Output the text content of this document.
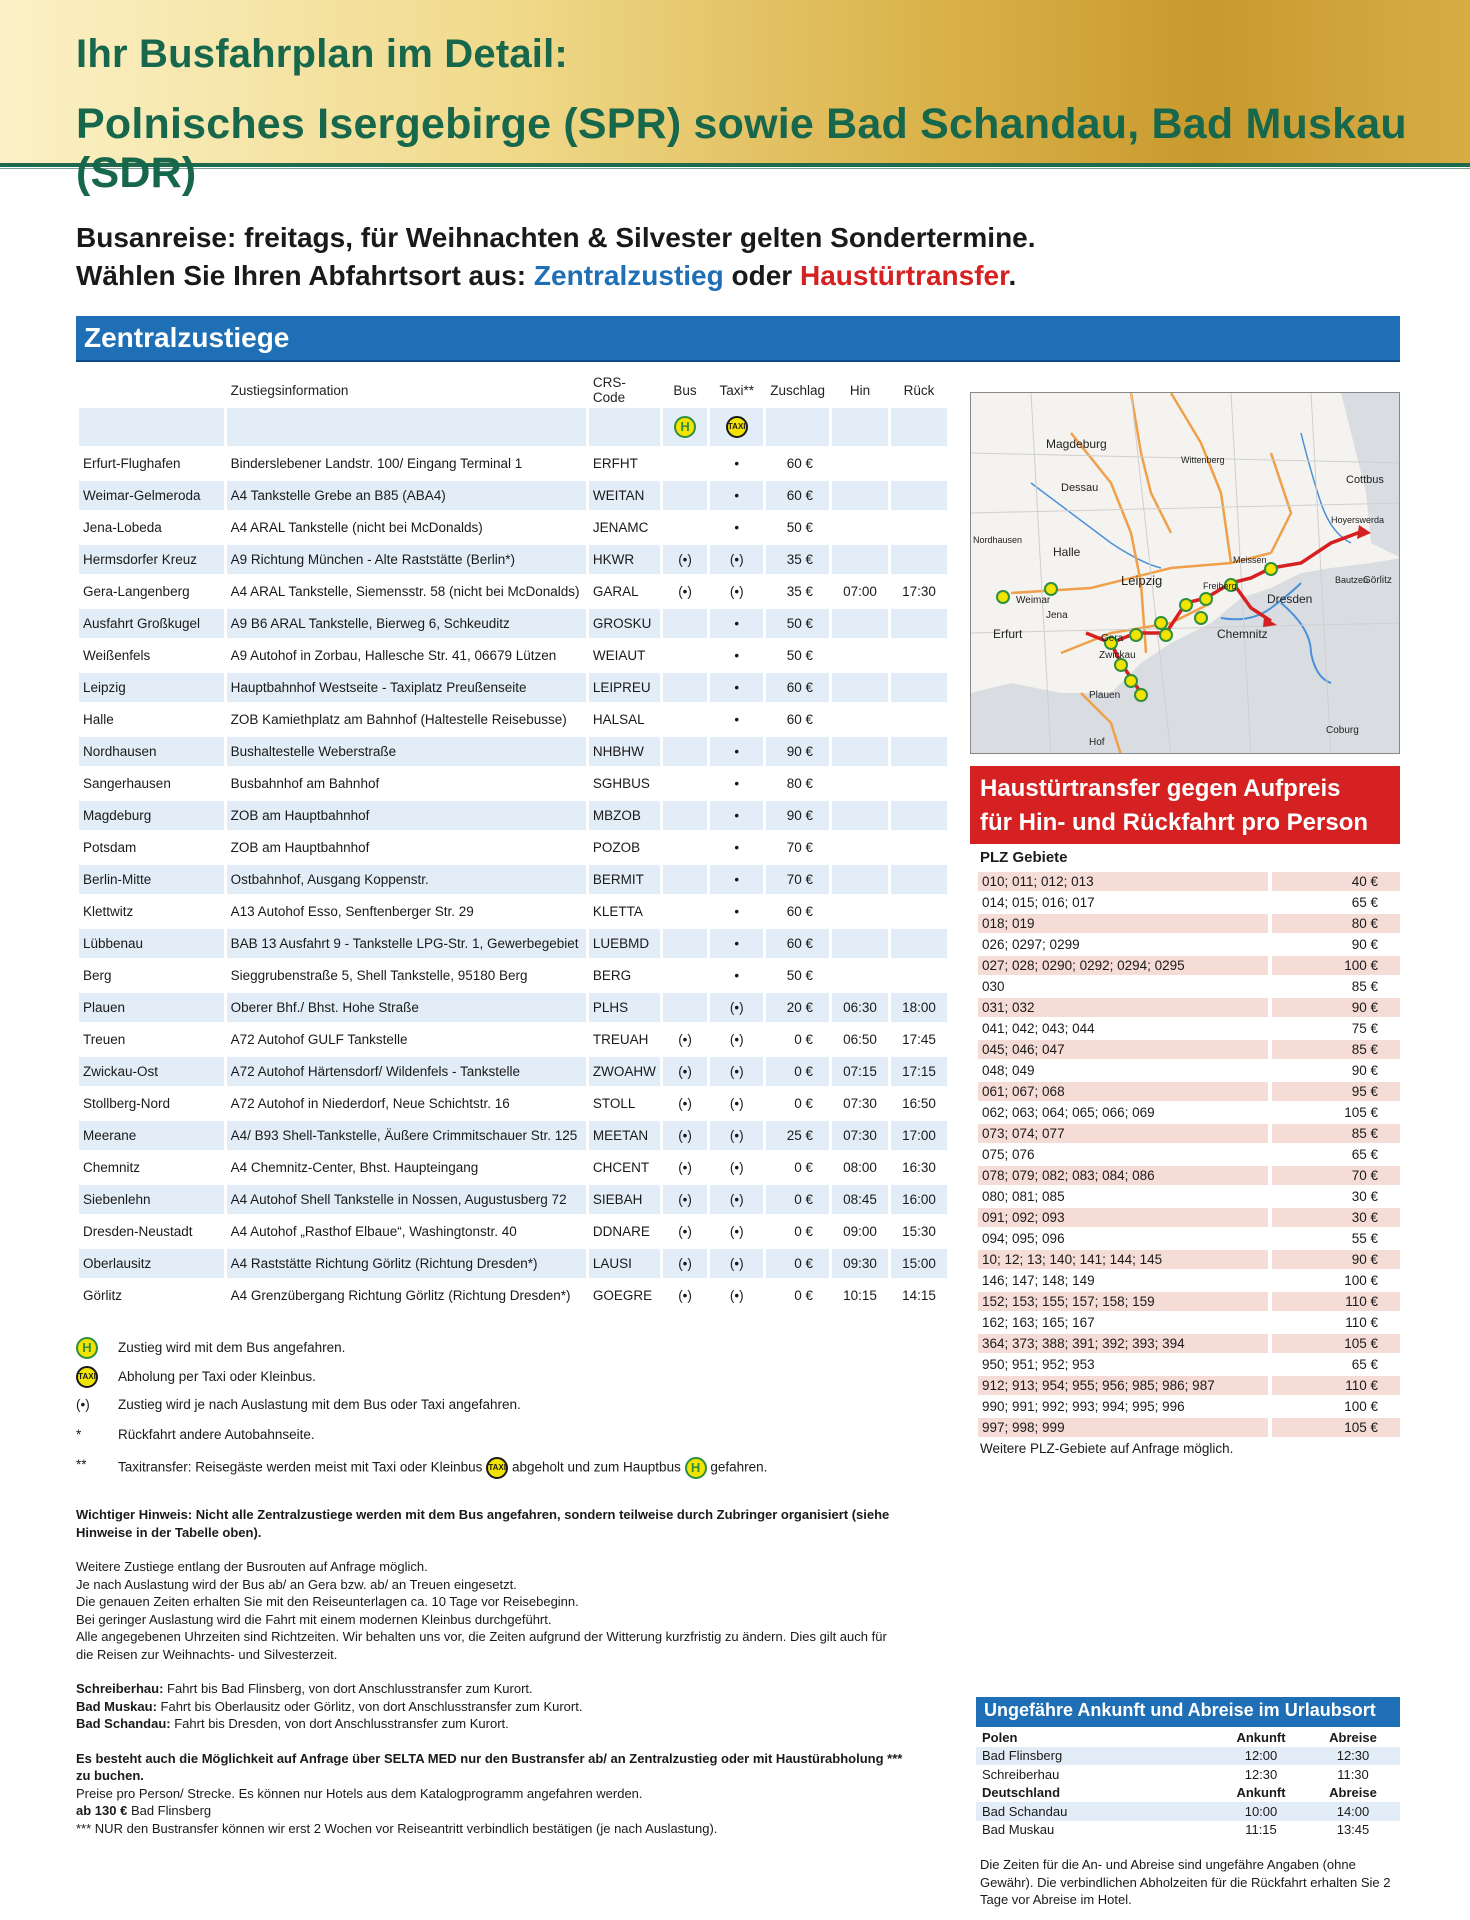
Ihr Busfahrplan im Detail:
Polnisches Isergebirge (SPR) sowie Bad Schandau, Bad Muskau (SDR)
Busanreise: freitags, für Weihnachten & Silvester gelten Sondertermine.
Wählen Sie Ihren Abfahrtsort aus: Zentralzustieg oder Haustürtransfer.
Zentralzustiege
	Zustiegsinformation	CRS-Code	Bus	Taxi**	Zuschlag	Hin	Rück
			H	TAXI			
Erfurt-Flughafen	Binderslebener Landstr. 100/ Eingang Terminal 1	ERFHT		•	60 €		
Weimar-Gelmeroda	A4 Tankstelle Grebe an B85 (ABA4)	WEITAN		•	60 €		
Jena-Lobeda	A4 ARAL Tankstelle (nicht bei McDonalds)	JENAMC		•	50 €		
Hermsdorfer Kreuz	A9 Richtung München - Alte Raststätte (Berlin*)	HKWR	(•)	(•)	35 €		
Gera-Langenberg	A4 ARAL Tankstelle, Siemensstr. 58 (nicht bei McDonalds)	GARAL	(•)	(•)	35 €	07:00	17:30
Ausfahrt Großkugel	A9 B6 ARAL Tankstelle, Bierweg 6, Schkeuditz	GROSKU		•	50 €		
Weißenfels	A9 Autohof in Zorbau, Hallesche Str. 41, 06679 Lützen	WEIAUT		•	50 €		
Leipzig	Hauptbahnhof Westseite - Taxiplatz Preußenseite	LEIPREU		•	60 €		
Halle	ZOB Kamiethplatz am Bahnhof (Haltestelle Reisebusse)	HALSAL		•	60 €		
Nordhausen	Bushaltestelle Weberstraße	NHBHW		•	90 €		
Sangerhausen	Busbahnhof am Bahnhof	SGHBUS		•	80 €		
Magdeburg	ZOB am Hauptbahnhof	MBZOB		•	90 €		
Potsdam	ZOB am Hauptbahnhof	POZOB		•	70 €		
Berlin-Mitte	Ostbahnhof, Ausgang Koppenstr.	BERMIT		•	70 €		
Klettwitz	A13 Autohof Esso, Senftenberger Str. 29	KLETTA		•	60 €		
Lübbenau	BAB 13 Ausfahrt 9 - Tankstelle LPG-Str. 1, Gewerbegebiet	LUEBMD		•	60 €		
Berg	Sieggrubenstraße 5, Shell Tankstelle, 95180 Berg	BERG		•	50 €		
Plauen	Oberer Bhf./ Bhst. Hohe Straße	PLHS		(•)	20 €	06:30	18:00
Treuen	A72 Autohof GULF Tankstelle	TREUAH	(•)	(•)	0 €	06:50	17:45
Zwickau-Ost	A72 Autohof Härtensdorf/ Wildenfels - Tankstelle	ZWOAHW	(•)	(•)	0 €	07:15	17:15
Stollberg-Nord	A72 Autohof in Niederdorf, Neue Schichtstr. 16	STOLL	(•)	(•)	0 €	07:30	16:50
Meerane	A4/ B93 Shell-Tankstelle, Äußere Crimmitschauer Str. 125	MEETAN	(•)	(•)	25 €	07:30	17:00
Chemnitz	A4 Chemnitz-Center, Bhst. Haupteingang	CHCENT	(•)	(•)	0 €	08:00	16:30
Siebenlehn	A4 Autohof Shell Tankstelle in Nossen, Augustusberg 72	SIEBAH	(•)	(•)	0 €	08:45	16:00
Dresden-Neustadt	A4 Autohof „Rasthof Elbaue“, Washingtonstr. 40	DDNARE	(•)	(•)	0 €	09:00	15:30
Oberlausitz	A4 Raststätte Richtung Görlitz (Richtung Dresden*)	LAUSI	(•)	(•)	0 €	09:30	15:00
Görlitz	A4 Grenzübergang Richtung Görlitz (Richtung Dresden*)	GOEGRE	(•)	(•)	0 €	10:15	14:15
Magdeburg
Dessau
Halle
Leipzig
Dresden
Chemnitz
Erfurt	Gera
Zwickau
Plauen
Hof
Görlitz
Cottbus
Jena
Weimar
Bautzen
Meissen
Freiberg
Hoyerswerda
Wittenberg
Nordhausen
Coburg
Haustürtransfer gegen Aufpreis
für Hin- und Rückfahrt pro Person
PLZ Gebiete
010; 011; 012; 013		40 €
014; 015; 016; 017		65 €
018; 019		80 €
026; 0297; 0299		90 €
027; 028; 0290; 0292; 0294; 0295		100 €
030		85 €
031; 032		90 €
041; 042; 043; 044		75 €
045; 046; 047		85 €
048; 049		90 €
061; 067; 068		95 €
062; 063; 064; 065; 066; 069		105 €
073; 074; 077		85 €
075; 076		65 €
078; 079; 082; 083; 084; 086		70 €
080; 081; 085		30 €
091; 092; 093		30 €
094; 095; 096		55 €
10; 12; 13; 140; 141; 144; 145		90 €
146; 147; 148; 149		100 €
152; 153; 155; 157; 158; 159		110 €
162; 163; 165; 167		110 €
364; 373; 388; 391; 392; 393; 394		105 €
950; 951; 952; 953		65 €
912; 913; 954; 955; 956; 985; 986; 987		110 €
990; 991; 992; 993; 994; 995; 996		100 €
997; 998; 999		105 €
Weitere PLZ-Gebiete auf Anfrage möglich.
H	Zustieg wird mit dem Bus angefahren.
TAXI	Abholung per Taxi oder Kleinbus.
(•)	Zustieg wird je nach Auslastung mit dem Bus oder Taxi angefahren.
*	Rückfahrt andere Autobahnseite.
**	Taxitransfer: Reisegäste werden meist mit Taxi oder Kleinbus TAXI abgeholt und zum Hauptbus H gefahren.

Wichtiger Hinweis: Nicht alle Zentralzustiege werden mit dem Bus angefahren, sondern teilweise durch Zubringer organisiert (siehe Hinweise in der Tabelle oben).

Weitere Zustiege entlang der Busrouten auf Anfrage möglich.

Je nach Auslastung wird der Bus ab/ an Gera bzw. ab/ an Treuen eingesetzt.

Die genauen Zeiten erhalten Sie mit den Reiseunterlagen ca. 10 Tage vor Reisebeginn.

Bei geringer Auslastung wird die Fahrt mit einem modernen Kleinbus durchgeführt.

Alle angegebenen Uhrzeiten sind Richtzeiten. Wir behalten uns vor, die Zeiten aufgrund der Witterung kurzfristig zu ändern. Dies gilt auch für die Reisen zur Weihnachts- und Silvesterzeit.

Schreiberhau: Fahrt bis Bad Flinsberg, von dort Anschlusstransfer zum Kurort.

Bad Muskau: Fahrt bis Oberlausitz oder Görlitz, von dort Anschlusstransfer zum Kurort.

Bad Schandau: Fahrt bis Dresden, von dort Anschlusstransfer zum Kurort.

Es besteht auch die Möglichkeit auf Anfrage über SELTA MED nur den Bustransfer ab/ an Zentralzustieg oder mit Haustürabholung *** zu buchen.

Preise pro Person/ Strecke. Es können nur Hotels aus dem Katalogprogramm angefahren werden.

ab 130 € Bad Flinsberg

*** NUR den Bustransfer können wir erst 2 Wochen vor Reiseantritt verbindlich bestätigen (je nach Auslastung).

Ungefähre Ankunft und Abreise im Urlaubsort
Polen	Ankunft	Abreise
Bad Flinsberg	12:00	12:30
Schreiberhau	12:30	11:30
Deutschland	Ankunft	Abreise
Bad Schandau	10:00	14:00
Bad Muskau	11:15	13:45
Die Zeiten für die An- und Abreise sind ungefähre Angaben (ohne Gewähr). Die verbindlichen Abholzeiten für die Rückfahrt erhalten Sie 2 Tage vor Abreise im Hotel.
